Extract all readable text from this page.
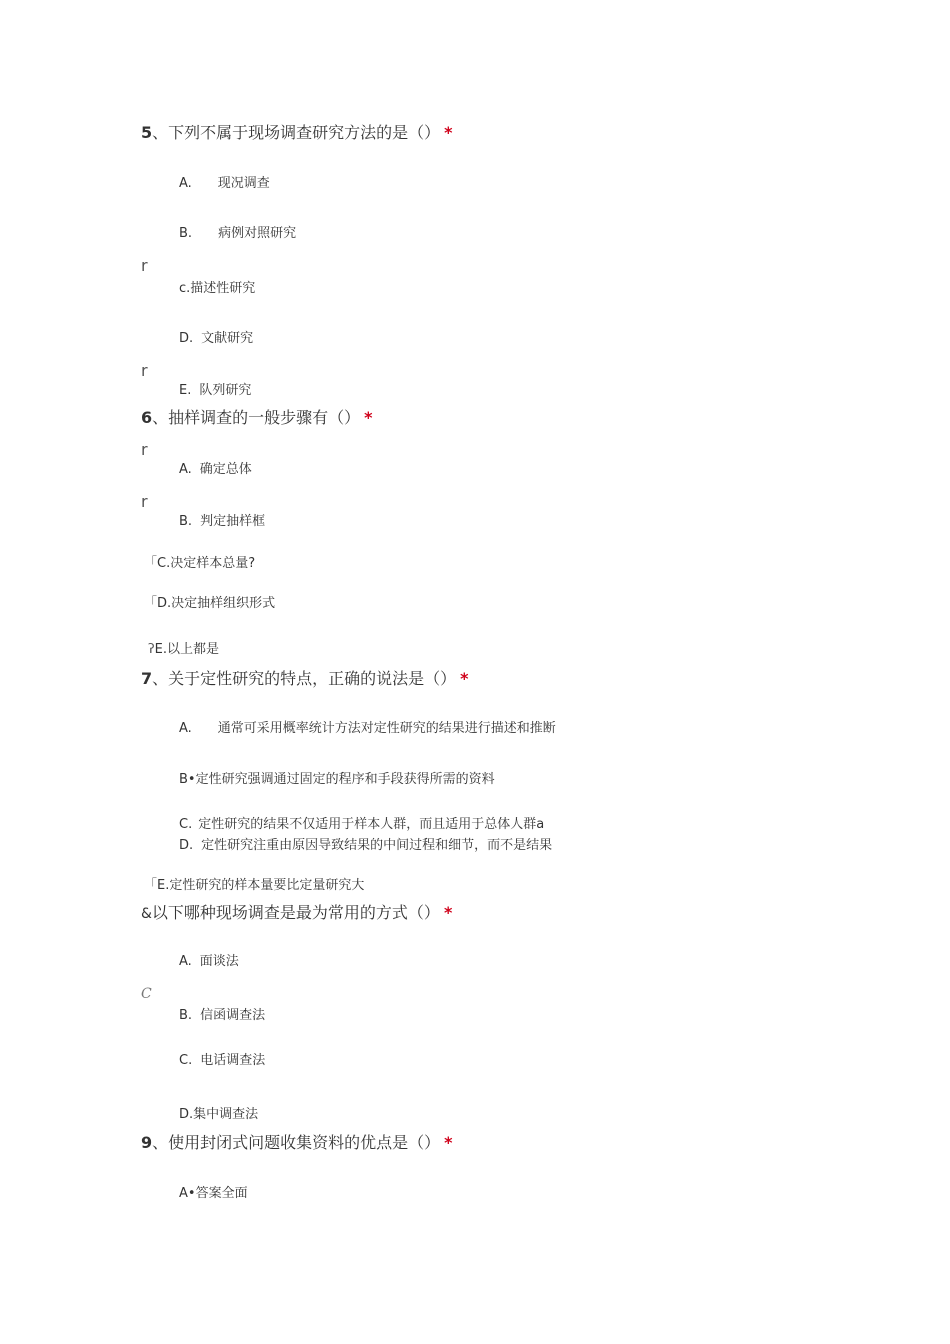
5、下列不属于现场调查研究方法的是（） *
A. 现况调查
B. 病例对照研究
r
c.描述性研究
D. 文献研究
r
E. 队列研究
6、抽样调查的一般步骤有（） *
r
A. 确定总体
r
B. 判定抽样框
「C.决定样本总量?
「D.决定抽样组织形式
ʔE.以上都是
7、关于定性研究的特点，正确的说法是（） *
A. 通常可采用概率统计方法对定性研究的结果进行描述和推断
B•定性研究强调通过固定的程序和手段获得所需的资料
C. 定性研究的结果不仅适用于样本人群，而且适用于总体人群a
D. 定性研究注重由原因导致结果的中间过程和细节，而不是结果
「E.定性研究的样本量要比定量研究大
&以下哪种现场调查是最为常用的方式（） *
A. 面谈法
C
B. 信函调查法
C. 电话调查法
D.集中调查法
9、使用封闭式问题收集资料的优点是（） *
A•答案全面
